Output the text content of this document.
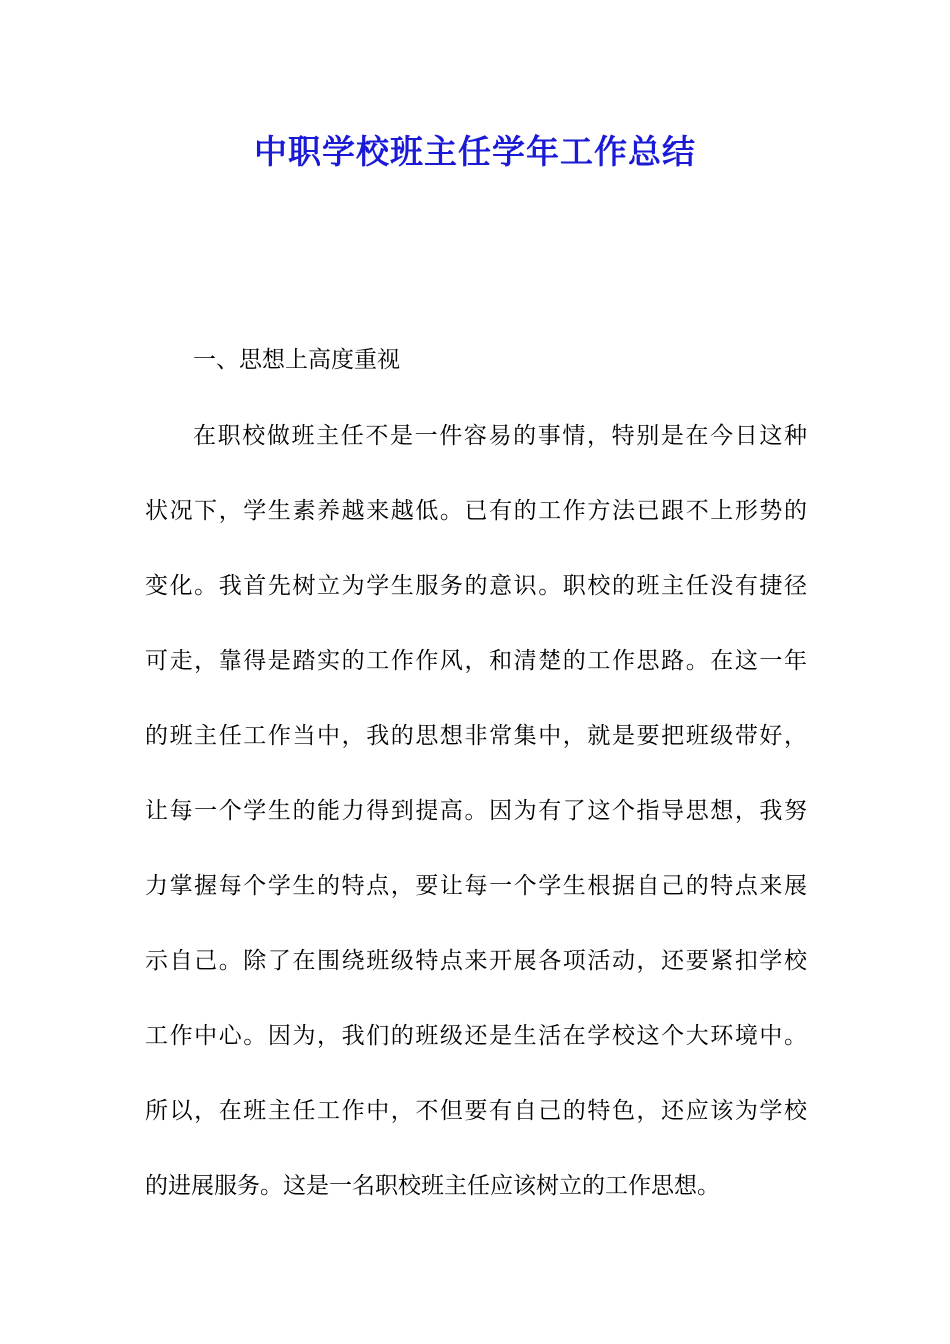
中职学校班主任学年工作总结
一、思想上高度重视
在职校做班主任不是一件容易的事情，特别是在今日这种
状况下，学生素养越来越低。已有的工作方法已跟不上形势的
变化。我首先树立为学生服务的意识。职校的班主任没有捷径
可走，靠得是踏实的工作作风，和清楚的工作思路。在这一年
的班主任工作当中，我的思想非常集中，就是要把班级带好，
让每一个学生的能力得到提高。因为有了这个指导思想，我努
力掌握每个学生的特点，要让每一个学生根据自己的特点来展
示自己。除了在围绕班级特点来开展各项活动，还要紧扣学校
工作中心。因为，我们的班级还是生活在学校这个大环境中。
所以，在班主任工作中，不但要有自己的特色，还应该为学校
的进展服务。这是一名职校班主任应该树立的工作思想。
